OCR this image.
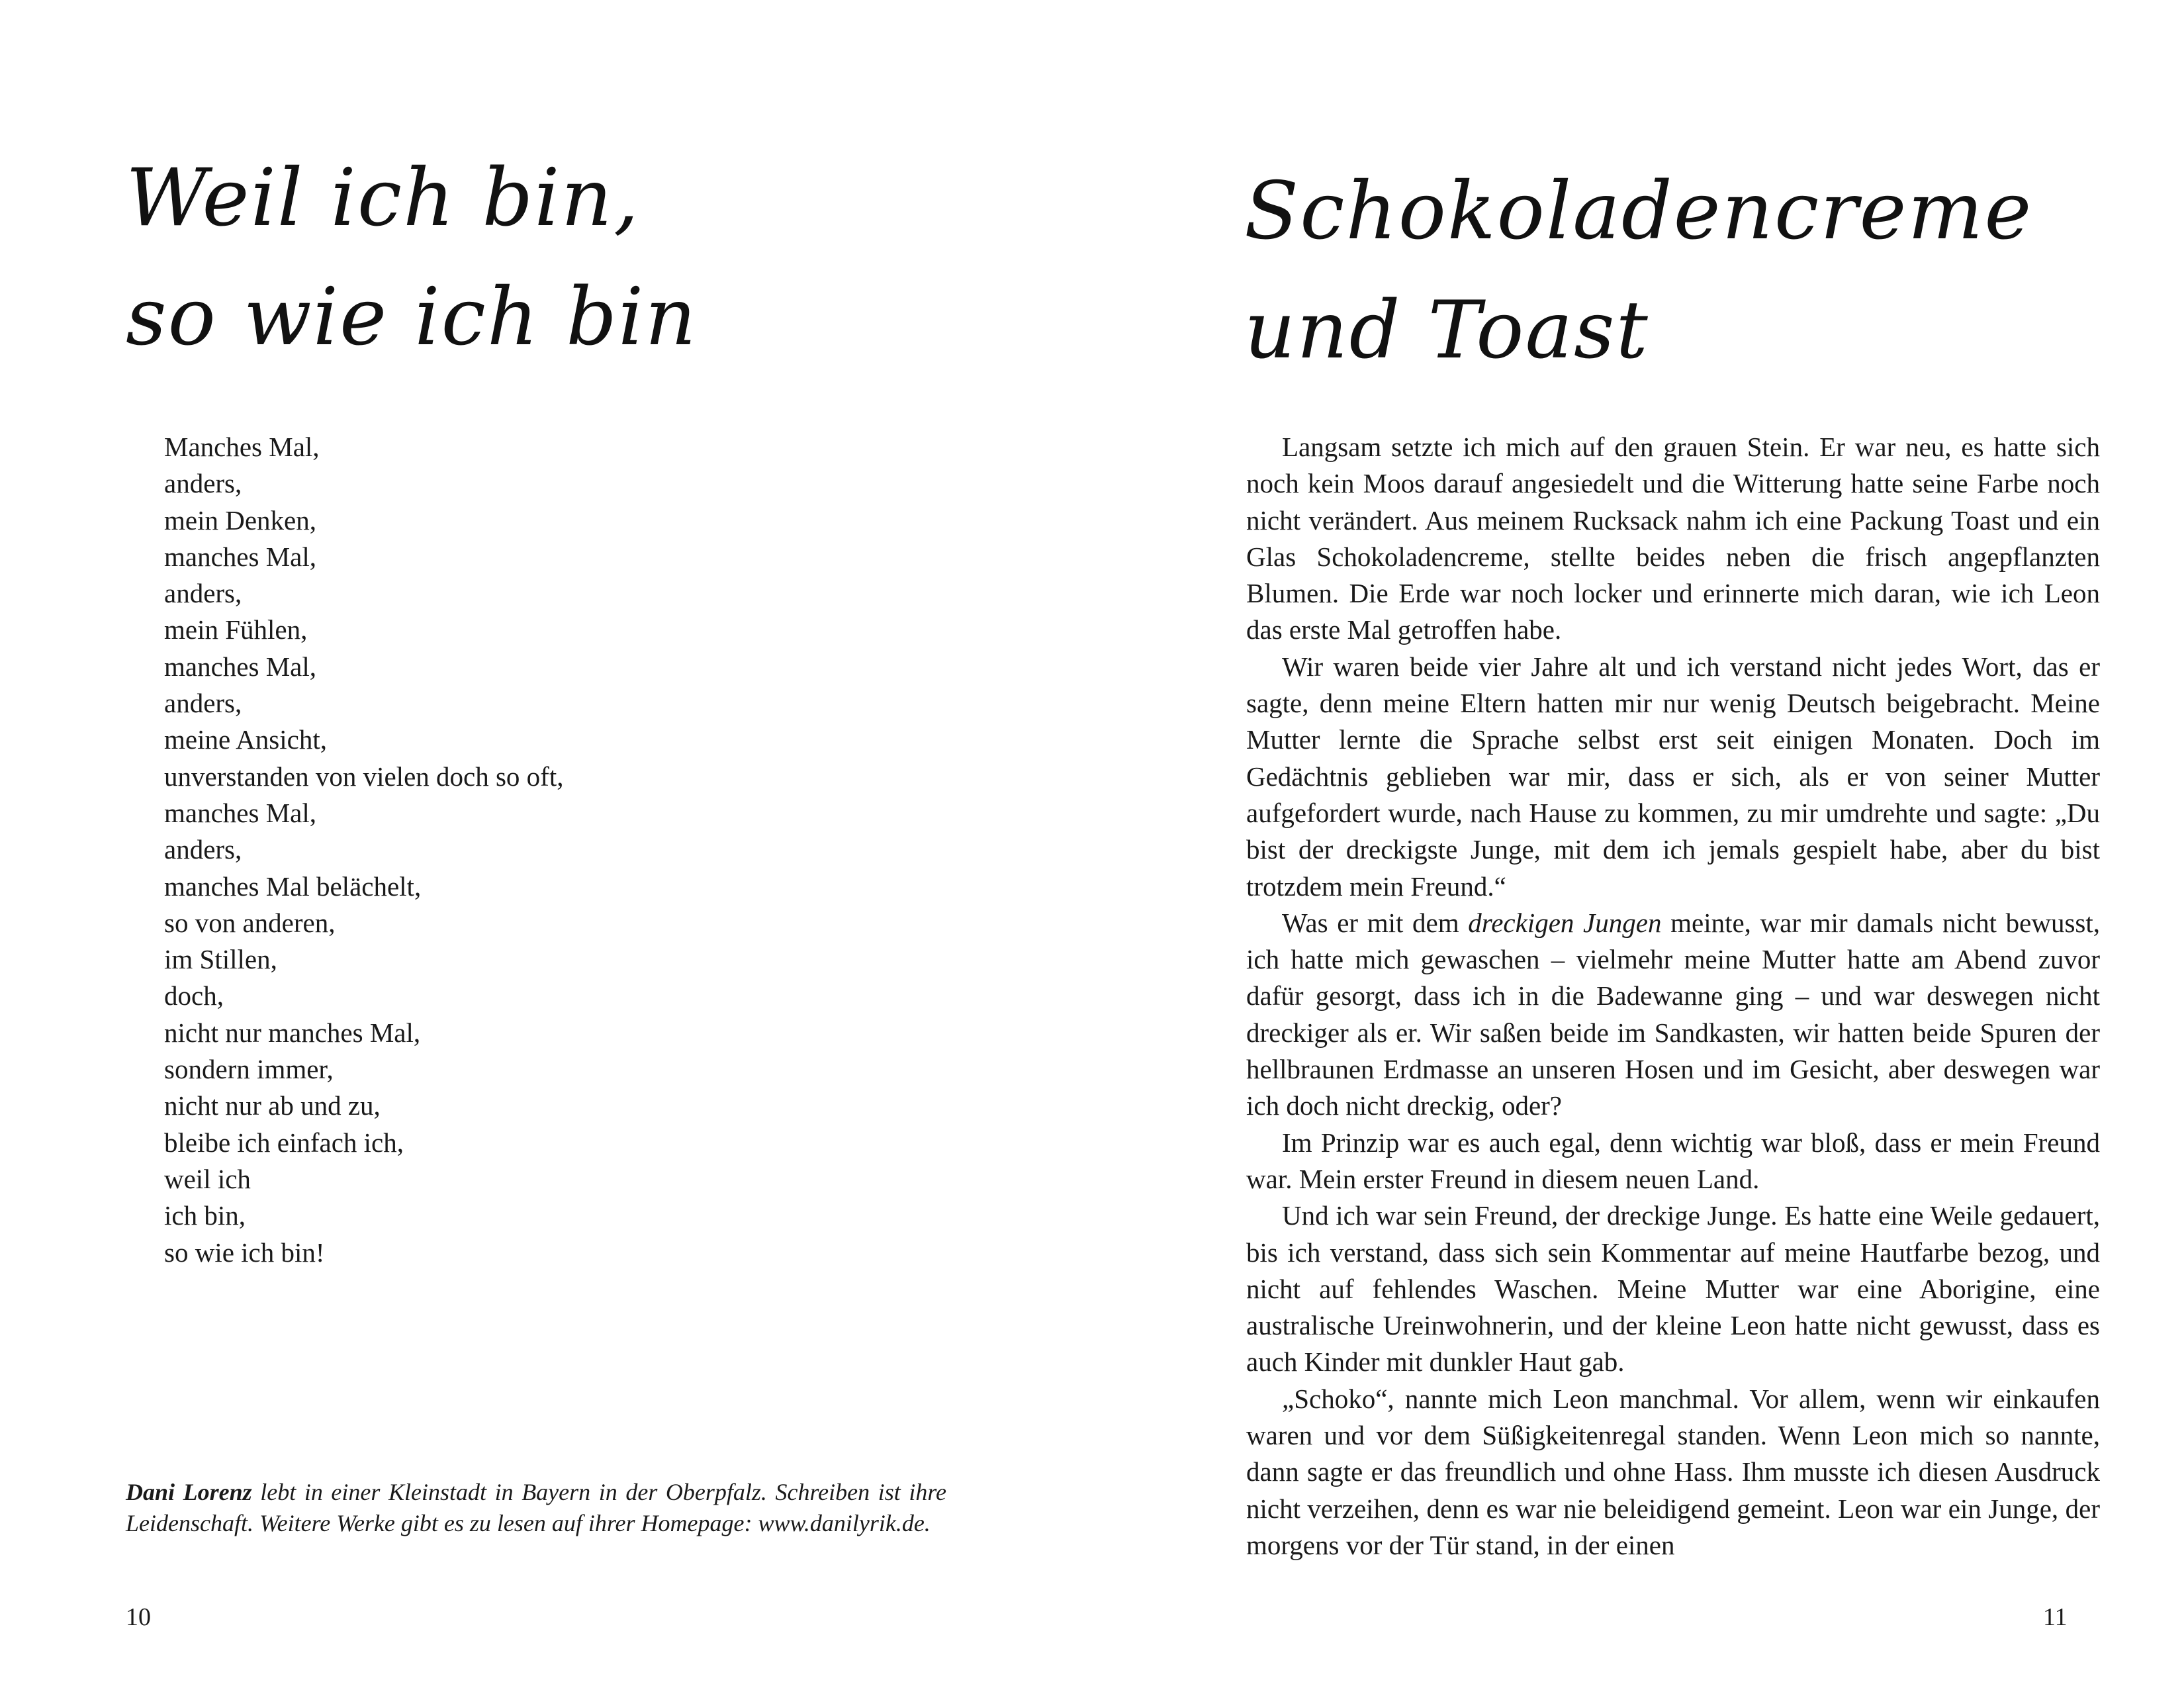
Weil ich bin,
so wie ich bin
Manches Mal,
anders,
mein Denken,
manches Mal,
anders,
mein Fühlen,
manches Mal,
anders,
meine Ansicht,
unverstanden von vielen doch so oft,
manches Mal,
anders,
manches Mal belächelt,
so von anderen,
im Stillen,
doch,
nicht nur manches Mal,
sondern immer,
nicht nur ab und zu,
bleibe ich einfach ich,
weil ich
ich bin,
so wie ich bin!

Dani Lorenz lebt in einer Kleinstadt in Bayern in der Oberpfalz. Schreiben ist ihre Leidenschaft. Weitere Werke gibt es zu lesen auf ihrer Homepage: www.danilyrik.de.

10
Schokoladencreme
und Toast

Langsam setzte ich mich auf den grauen Stein. Er war neu, es hatte sich noch kein Moos darauf angesiedelt und die Witterung hatte seine Farbe noch nicht verändert. Aus meinem Rucksack nahm ich eine Packung Toast und ein Glas Schokoladencreme, stellte beides neben die frisch angepflanzten Blumen. Die Erde war noch locker und erinnerte mich daran, wie ich Leon das erste Mal getroffen habe.

Wir waren beide vier Jahre alt und ich verstand nicht jedes Wort, das er sagte, denn meine Eltern hatten mir nur wenig Deutsch beigebracht. Meine Mutter lernte die Sprache selbst erst seit einigen Monaten. Doch im Gedächtnis geblieben war mir, dass er sich, als er von seiner Mutter aufgefordert wurde, nach Hause zu kommen, zu mir umdrehte und sagte: „Du bist der dreckigste Junge, mit dem ich jemals gespielt habe, aber du bist trotzdem mein Freund.“

Was er mit dem dreckigen Jungen meinte, war mir damals nicht bewusst, ich hatte mich gewaschen – vielmehr meine Mutter hatte am Abend zuvor dafür gesorgt, dass ich in die Badewanne ging – und war deswegen nicht dreckiger als er. Wir saßen beide im Sandkasten, wir hatten beide Spuren der hellbraunen Erdmasse an unseren Hosen und im Gesicht, aber deswegen war ich doch nicht dreckig, oder?

Im Prinzip war es auch egal, denn wichtig war bloß, dass er mein Freund war. Mein erster Freund in diesem neuen Land.

Und ich war sein Freund, der dreckige Junge. Es hatte eine Weile gedauert, bis ich verstand, dass sich sein Kommentar auf meine Hautfarbe bezog, und nicht auf fehlendes Waschen. Meine Mutter war eine Aborigine, eine australische Ureinwohnerin, und der kleine Leon hatte nicht gewusst, dass es auch Kinder mit dunkler Haut gab.

„Schoko“, nannte mich Leon manchmal. Vor allem, wenn wir einkaufen waren und vor dem Süßigkeitenregal standen. Wenn Leon mich so nannte, dann sagte er das freundlich und ohne Hass. Ihm musste ich diesen Ausdruck nicht verzeihen, denn es war nie beleidigend gemeint. Leon war ein Junge, der morgens vor der Tür stand, in der einen

11
